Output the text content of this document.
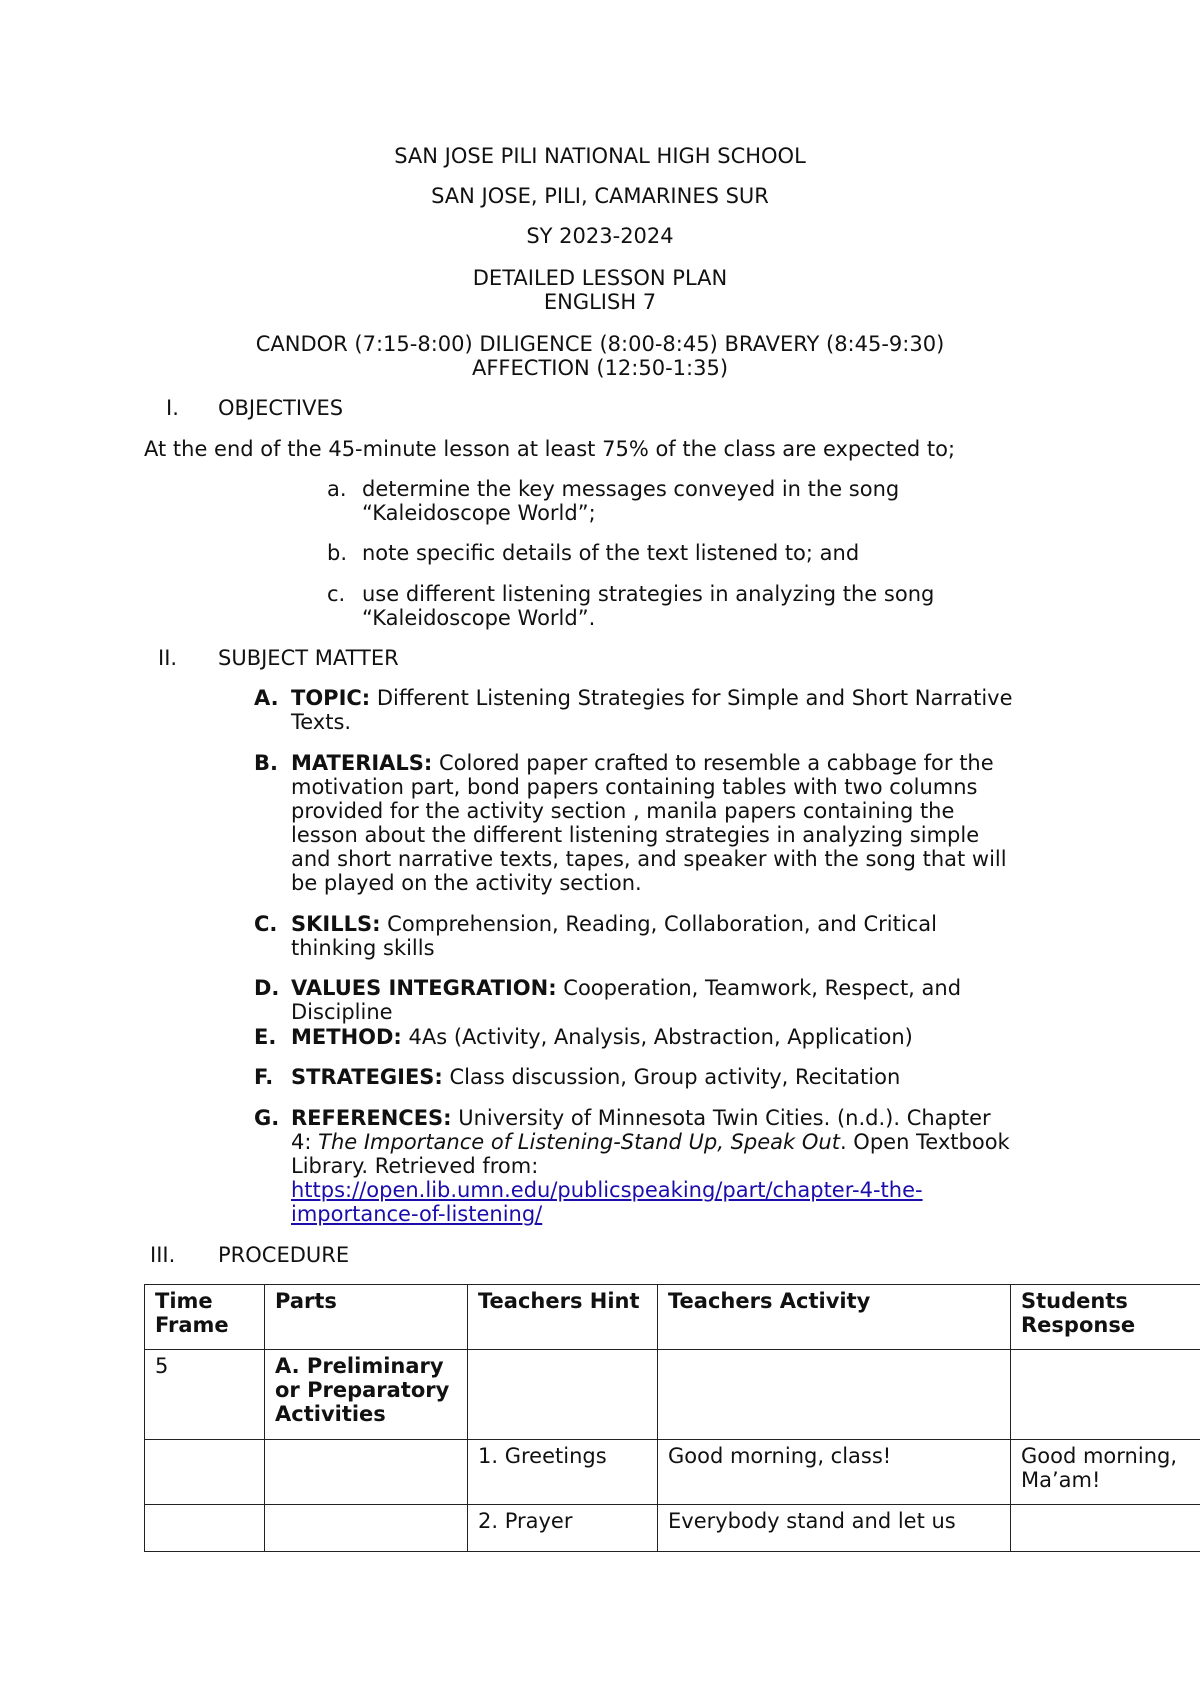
SAN JOSE PILI NATIONAL HIGH SCHOOL
SAN JOSE, PILI, CAMARINES SUR
SY 2023-2024
DETAILED LESSON PLAN
ENGLISH 7
CANDOR (7:15-8:00) DILIGENCE (8:00-8:45) BRAVERY (8:45-9:30)
AFFECTION (12:50-1:35)
I. OBJECTIVES
At the end of the 45-minute lesson at least 75% of the class are expected to;
a. determine the key messages conveyed in the song
“Kaleidoscope World”;
b. note specific details of the text listened to; and
c. use different listening strategies in analyzing the song
“Kaleidoscope World”.
II. SUBJECT MATTER
A. TOPIC: Different Listening Strategies for Simple and Short Narrative
Texts.
B. MATERIALS: Colored paper crafted to resemble a cabbage for the
motivation part, bond papers containing tables with two columns
provided for the activity section , manila papers containing the
lesson about the different listening strategies in analyzing simple
and short narrative texts, tapes, and speaker with the song that will
be played on the activity section.
C. SKILLS: Comprehension, Reading, Collaboration, and Critical
thinking skills
D. VALUES INTEGRATION: Cooperation, Teamwork, Respect, and
Discipline
E. METHOD: 4As (Activity, Analysis, Abstraction, Application)
F. STRATEGIES: Class discussion, Group activity, Recitation
G. REFERENCES: University of Minnesota Twin Cities. (n.d.). Chapter
4: The Importance of Listening-Stand Up, Speak Out. Open Textbook
Library. Retrieved from:
https://open.lib.umn.edu/publicspeaking/part/chapter-4-the-
importance-of-listening/
III. PROCEDURE
Time Frame	Parts	Teachers Hint	Teachers Activity	Students Response
5	A. Preliminary or Preparatory Activities			
		1. Greetings	Good morning, class!	Good morning, Ma’am!
		2. Prayer	Everybody stand and let us	
